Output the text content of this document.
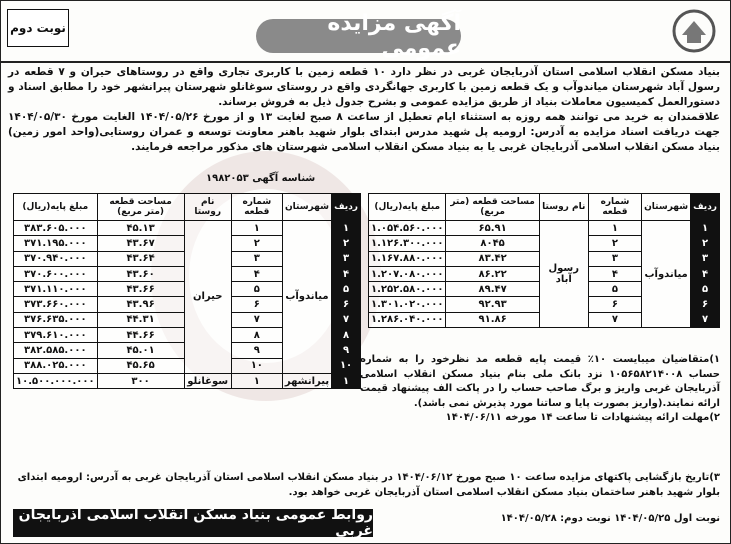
نوبت دوم	آگهی مزایده عمومی

بنیاد مسکن انقلاب اسلامی استان آذربایجان غربی در نظر دارد ۱۰ قطعه زمین با کاربری تجاری واقع در روستاهای حیران و ۷ قطعه در رسول آباد شهرستان میاندوآب و یک قطعه زمین با کاربری جهانگردی واقع در روستای سوغانلو شهرستان پیرانشهر خود را مطابق اسناد و دستورالعمل کمیسیون معاملات بنیاد از طریق مزایده عمومی و بشرح جدول ذیل به فروش برساند.

علاقمندان به خرید می توانند همه روزه به استثناء ایام تعطیل از ساعت ۸ صبح لغایت ۱۳ و از مورخ ۱۴۰۴/۰۵/۲۶ الغایت مورخ ۱۴۰۴/۰۵/۳۰ جهت دریافت اسناد مزایده به آدرس: ارومیه پل شهید مدرس ابتدای بلوار شهید باهنر معاونت توسعه و عمران روستایی(واحد امور زمین) بنیاد مسکن انقلاب اسلامی آذربایجان غربی یا به بنیاد مسکن انقلاب اسلامی شهرستان های مذکور مراجعه فرمایند.

ردیف	شهرستان	شماره قطعه	نام روستا	مساحت قطعه (متر مربع)	مبلغ پایه(ریال)
۱	میاندوآب	۱	رسول آباد	۶۵.۹۱	۱.۰۵۴.۵۶۰.۰۰۰
۲		۲		۸۰۴۵	۱.۱۲۶.۳۰۰.۰۰۰
۳		۳		۸۳.۴۲	۱.۱۶۷.۸۸۰.۰۰۰
۴		۴		۸۶.۲۲	۱.۲۰۷.۰۸۰.۰۰۰
۵		۵		۸۹.۴۷	۱.۲۵۲.۵۸۰.۰۰۰
۶		۶		۹۲.۹۳	۱.۳۰۱.۰۲۰.۰۰۰
۷		۷		۹۱.۸۶	۱.۲۸۶.۰۴۰.۰۰۰
شناسه آگهی ۱۹۸۲۰۵۳
ردیف	شهرستان	شماره قطعه	نام روستا	مساحت قطعه (متر مربع)	مبلغ پایه(ریال)
۱	میاندوآب	۱	حیران	۴۵.۱۳	۳۸۳.۶۰۵.۰۰۰
۲		۲		۴۳.۶۷	۳۷۱.۱۹۵.۰۰۰
۳		۳		۴۳.۶۴	۳۷۰.۹۴۰.۰۰۰
۴		۴		۴۳.۶۰	۳۷۰.۶۰۰.۰۰۰
۵		۵		۴۳.۶۶	۳۷۱.۱۱۰.۰۰۰
۶		۶		۴۳.۹۶	۳۷۳.۶۶۰.۰۰۰
۷		۷		۴۴.۳۱	۳۷۶.۶۳۵.۰۰۰
۸		۸		۴۴.۶۶	۳۷۹.۶۱۰.۰۰۰
۹		۹		۴۵.۰۱	۳۸۲.۵۸۵.۰۰۰
۱۰		۱۰		۴۵.۶۵	۳۸۸.۰۲۵.۰۰۰
۱	پیرانشهر	۱	سوغانلو	۳۰۰	۱۰.۵۰۰.۰۰۰.۰۰۰

۱)متقاضیان میبایست ۱۰٪ قیمت پایه قطعه مد نظرخود را به شماره حساب ۱۰۵۶۵۸۲۱۴۰۰۸ نزد بانک ملی بنام بنیاد مسکن انقلاب اسلامی آذربایجان غربی واریز و برگ صاحب حساب را در پاکت الف پیشنهاد قیمت ارائه نمایند.(واریز بصورت پایا و ساتنا مورد پذیرش نمی باشد).

۲)مهلت ارائه پیشنهادات تا ساعت ۱۴ مورخه ۱۴۰۴/۰۶/۱۱

۳)تاریخ بازگشایی پاکتهای مزایده ساعت ۱۰ صبح مورخ ۱۴۰۴/۰۶/۱۲ در بنیاد مسکن انقلاب اسلامی استان آذربایجان غربی به آدرس: ارومیه ابتدای بلوار شهید باهنر ساختمان بنیاد مسکن انقلاب اسلامی استان آذربایجان غربی خواهد بود.

نوبت اول ۱۴۰۴/۰۵/۲۵ نوبت دوم: ۱۴۰۴/۰۵/۲۸
روابط عمومی بنیاد مسکن انقلاب اسلامی آذربایجان غربی
